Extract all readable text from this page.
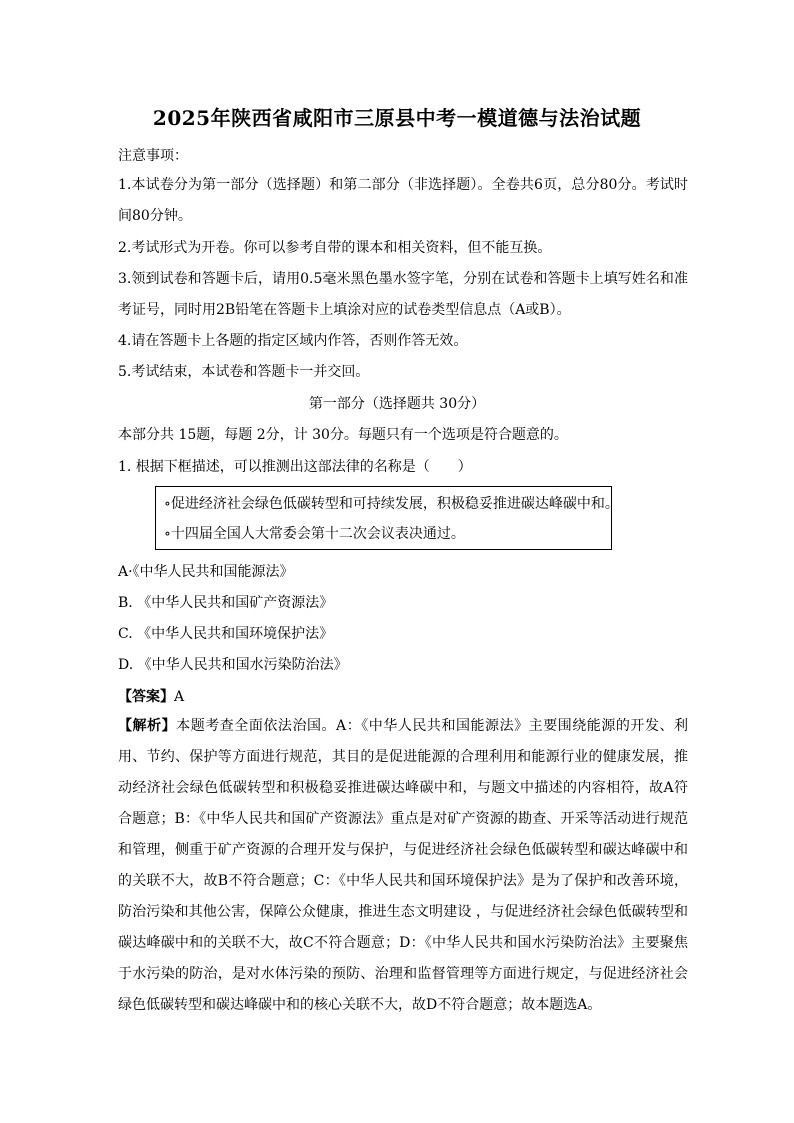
2025年陕西省咸阳市三原县中考一模道德与法治试题
注意事项：
1.本试卷分为第一部分（选择题）和第二部分（非选择题）。全卷共6页，总分80分。考试时间80分钟。
2.考试形式为开卷。你可以参考自带的课本和相关资料，但不能互换。
3.领到试卷和答题卡后，请用0.5毫米黑色墨水签字笔，分别在试卷和答题卡上填写姓名和准考证号，同时用2B铅笔在答题卡上填涂对应的试卷类型信息点（A或B）。
4.请在答题卡上各题的指定区域内作答，否则作答无效。
5.考试结束，本试卷和答题卡一并交回。
第一部分（选择题共 30分）
本部分共 15题，每题 2分，计 30分。每题只有一个选项是符合题意的。
1. 根据下框描述，可以推测出这部法律的名称是（　　）
∘促进经济社会绿色低碳转型和可持续发展，积极稳妥推进碳达峰碳中和。
∘十四届全国人大常委会第十二次会议表决通过。
A·《中华人民共和国能源法》
B. 《中华人民共和国矿产资源法》
C. 《中华人民共和国环境保护法》
D. 《中华人民共和国水污染防治法》
【答案】A
【解析】本题考查全面依法治国。A：《中华人民共和国能源法》主要围绕能源的开发、利用、节约、保护等方面进行规范，其目的是促进能源的合理利用和能源行业的健康发展，推动经济社会绿色低碳转型和积极稳妥推进碳达峰碳中和，与题文中描述的内容相符，故A符合题意；B：《中华人民共和国矿产资源法》重点是对矿产资源的勘查、开采等活动进行规范和管理，侧重于矿产资源的合理开发与保护，与促进经济社会绿色低碳转型和碳达峰碳中和的关联不大，故B不符合题意；C：《中华人民共和国环境保护法》是为了保护和改善环境，防治污染和其他公害，保障公众健康，推进生态文明建设 ，与促进经济社会绿色低碳转型和碳达峰碳中和的关联不大，故C不符合题意；D：《中华人民共和国水污染防治法》主要聚焦于水污染的防治，是对水体污染的预防、治理和监督管理等方面进行规定，与促进经济社会绿色低碳转型和碳达峰碳中和的核心关联不大，故D不符合题意；故本题选A。
